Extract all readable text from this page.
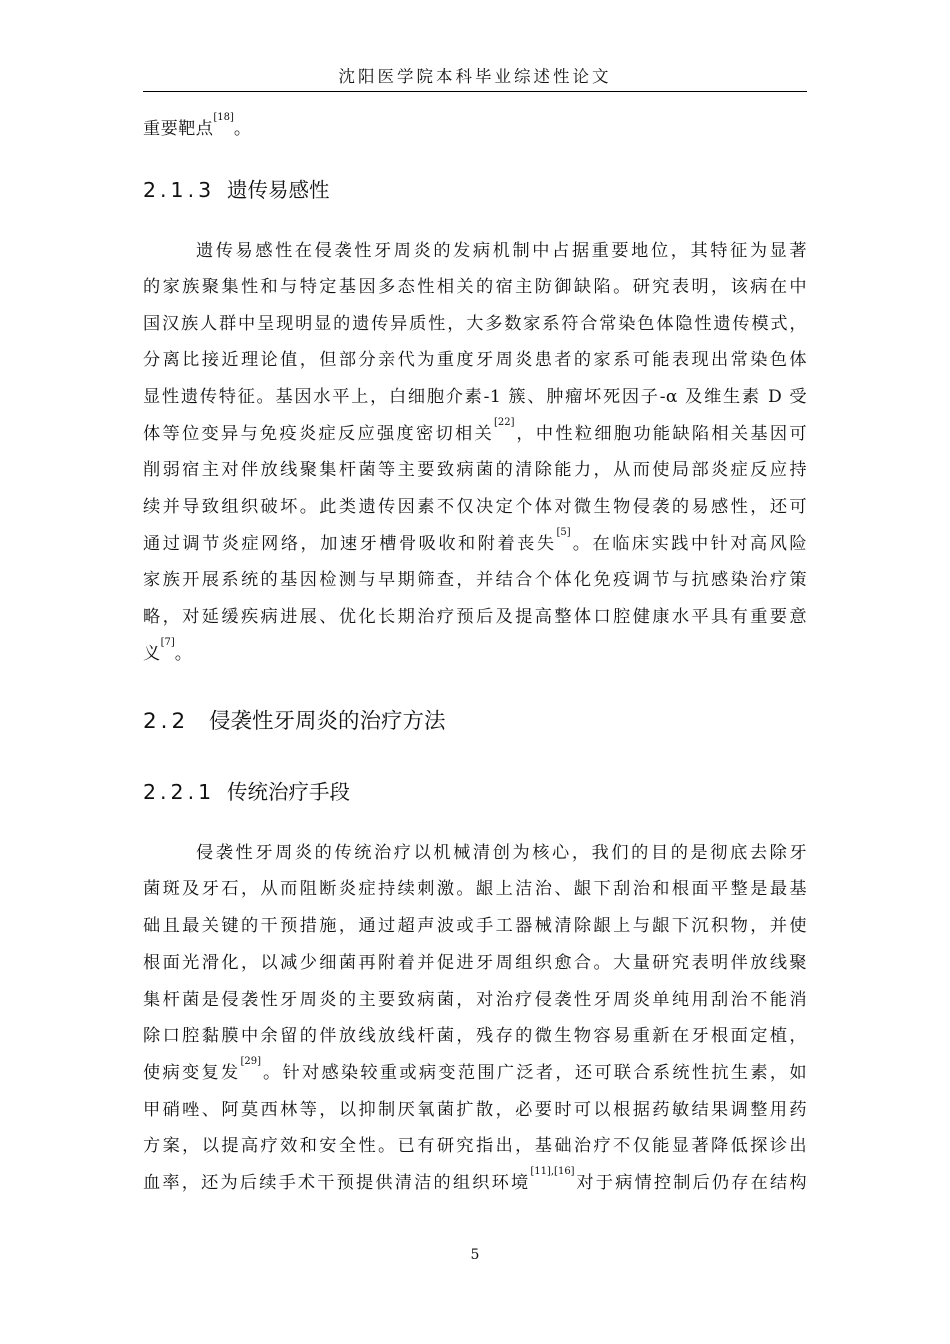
沈阳医学院本科毕业综述性论文
重要靶点[18]。
2.1.3 遗传易感性
遗传易感性在侵袭性牙周炎的发病机制中占据重要地位，其特征为显著
的家族聚集性和与特定基因多态性相关的宿主防御缺陷。研究表明，该病在中
国汉族人群中呈现明显的遗传异质性，大多数家系符合常染色体隐性遗传模式，
分离比接近理论值，但部分亲代为重度牙周炎患者的家系可能表现出常染色体
显性遗传特征。基因水平上，白细胞介素-1 簇、肿瘤坏死因子-α 及维生素 D 受
体等位变异与免疫炎症反应强度密切相关[22]，中性粒细胞功能缺陷相关基因可
削弱宿主对伴放线聚集杆菌等主要致病菌的清除能力，从而使局部炎症反应持
续并导致组织破坏。此类遗传因素不仅决定个体对微生物侵袭的易感性，还可
通过调节炎症网络，加速牙槽骨吸收和附着丧失[5]。在临床实践中针对高风险
家族开展系统的基因检测与早期筛查，并结合个体化免疫调节与抗感染治疗策
略，对延缓疾病进展、优化长期治疗预后及提高整体口腔健康水平具有重要意
义[7]。
2.2 侵袭性牙周炎的治疗方法
2.2.1 传统治疗手段
侵袭性牙周炎的传统治疗以机械清创为核心，我们的目的是彻底去除牙
菌斑及牙石，从而阻断炎症持续刺激。龈上洁治、龈下刮治和根面平整是最基
础且最关键的干预措施，通过超声波或手工器械清除龈上与龈下沉积物，并使
根面光滑化，以减少细菌再附着并促进牙周组织愈合。大量研究表明伴放线聚
集杆菌是侵袭性牙周炎的主要致病菌，对治疗侵袭性牙周炎单纯用刮治不能消
除口腔黏膜中余留的伴放线放线杆菌，残存的微生物容易重新在牙根面定植，
使病变复发[29]。针对感染较重或病变范围广泛者，还可联合系统性抗生素，如
甲硝唑、阿莫西林等，以抑制厌氧菌扩散，必要时可以根据药敏结果调整用药
方案，以提高疗效和安全性。已有研究指出，基础治疗不仅能显著降低探诊出
血率，还为后续手术干预提供清洁的组织环境[11],[16]对于病情控制后仍存在结构
5
